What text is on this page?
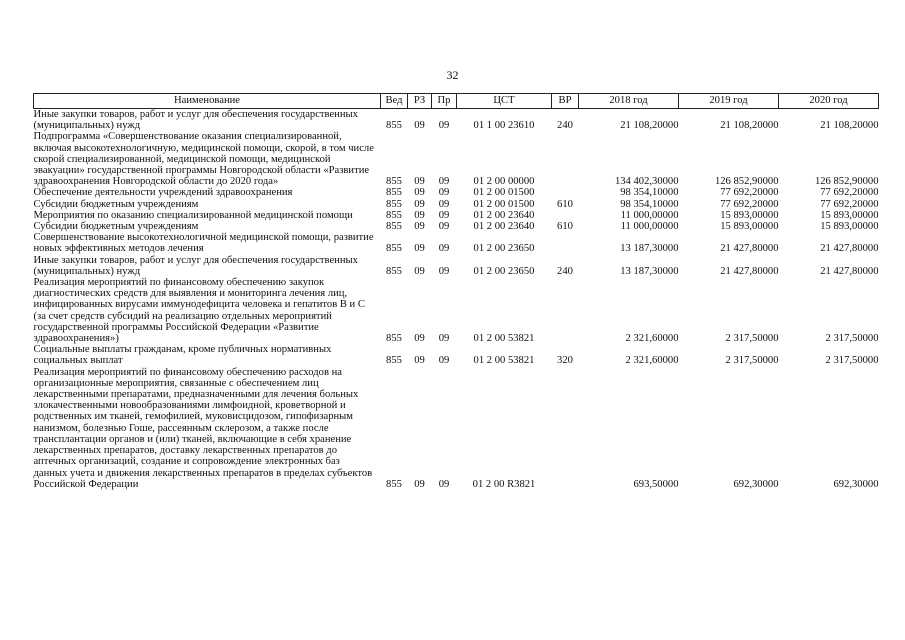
32
Наименование	Вед	РЗ	Пр	ЦСТ	ВР	2018 год	2019 год	2020 год
Иные закупки товаров, работ и услуг для обеспечения государственных (муниципальных) нужд	855	09	09	01 1 00 23610	240	21 108,20000	21 108,20000	21 108,20000
Подпрограмма «Совершенствование оказания специализированной, включая высокотехнологичную, медицинской помощи, скорой, в том числе скорой специализированной, медицинской помощи, медицинской эвакуации» государственной программы Новгородской области «Развитие здравоохранения Новгородской области до 2020 года»	855	09	09	01 2 00 00000		134 402,30000	126 852,90000	126 852,90000
Обеспечение деятельности учреждений здравоохранения	855	09	09	01 2 00 01500		98 354,10000	77 692,20000	77 692,20000
Субсидии бюджетным учреждениям	855	09	09	01 2 00 01500	610	98 354,10000	77 692,20000	77 692,20000
Мероприятия по оказанию специализированной медицинской помощи	855	09	09	01 2 00 23640		11 000,00000	15 893,00000	15 893,00000
Субсидии бюджетным учреждениям	855	09	09	01 2 00 23640	610	11 000,00000	15 893,00000	15 893,00000
Совершенствование высокотехнологичной медицинской помощи, развитие новых эффективных методов лечения	855	09	09	01 2 00 23650		13 187,30000	21 427,80000	21 427,80000
Иные закупки товаров, работ и услуг для обеспечения государственных (муниципальных) нужд	855	09	09	01 2 00 23650	240	13 187,30000	21 427,80000	21 427,80000
Реализация мероприятий по финансовому обеспечению закупок диагностических средств для выявления и мониторинга лечения лиц, инфицированных вирусами иммунодефицита человека и гепатитов В и С (за счет средств субсидий на реализацию отдельных мероприятий государственной программы Российской Федерации «Развитие здравоохранения»)	855	09	09	01 2 00 53821		2 321,60000	2 317,50000	2 317,50000
Социальные выплаты гражданам, кроме публичных нормативных социальных выплат	855	09	09	01 2 00 53821	320	2 321,60000	2 317,50000	2 317,50000
Реализация мероприятий по финансовому обеспечению расходов на организационные мероприятия, связанные с обеспечением лиц лекарственными препаратами, предназначенными для лечения больных злокачественными новообразованиями лимфоидной, кроветворной и родственных им тканей, гемофилией, муковисцидозом, гипофизарным нанизмом, болезнью Гоше, рассеянным склерозом, а также после трансплантации органов и (или) тканей, включающие в себя хранение лекарственных препаратов, доставку лекарственных препаратов до аптечных организаций, создание и сопровождение электронных баз данных учета и движения лекарственных препаратов в пределах субъектов Российской Федерации	855	09	09	01 2 00 R3821		693,50000	692,30000	692,30000
